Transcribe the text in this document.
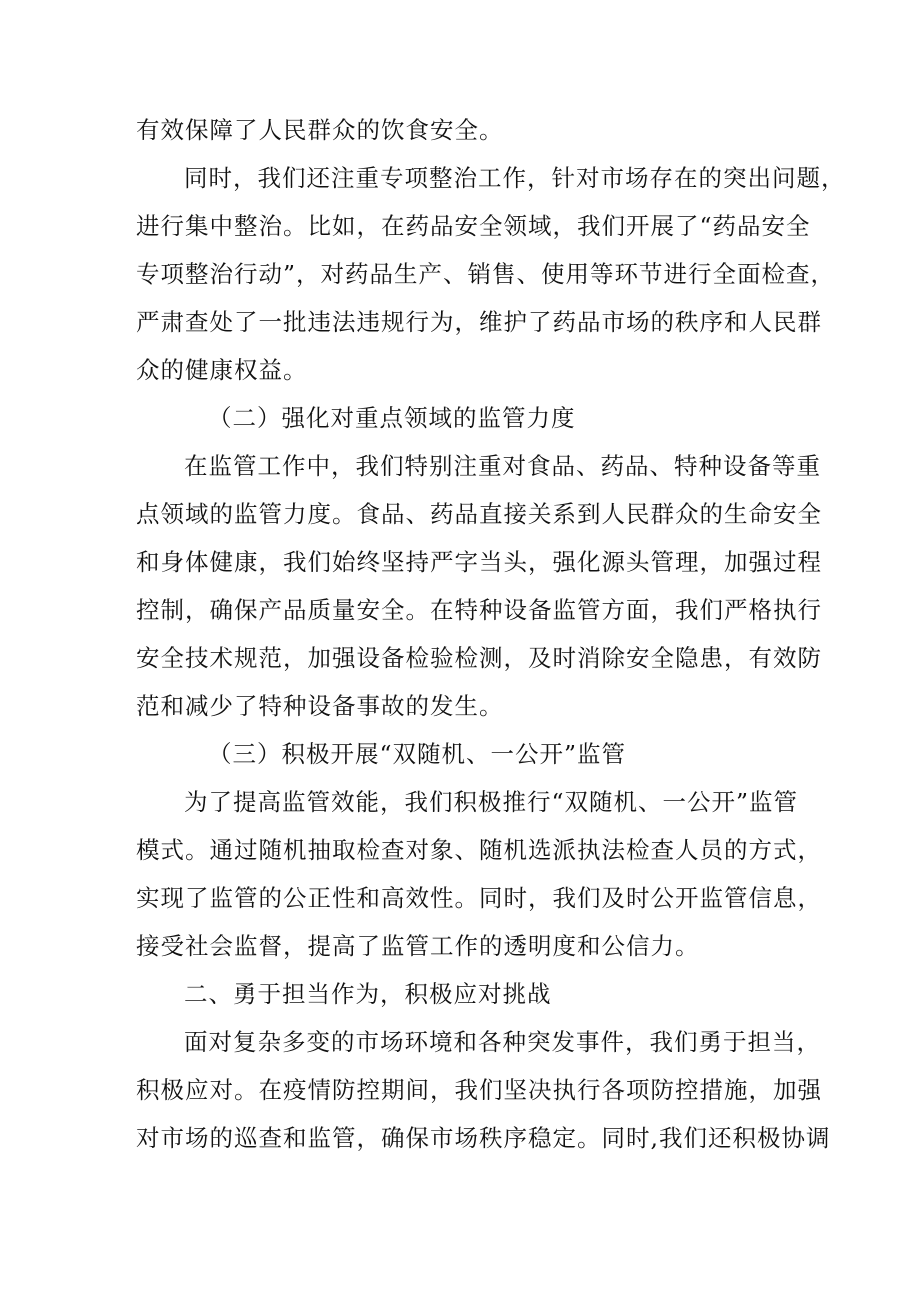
有效保障了人民群众的饮食安全。
同时，我们还注重专项整治工作，针对市场存在的突出问题，
进行集中整治。比如，在药品安全领域，我们开展了“药品安全
专项整治行动”，对药品生产、销售、使用等环节进行全面检查，
严肃查处了一批违法违规行为，维护了药品市场的秩序和人民群
众的健康权益。
（二）强化对重点领域的监管力度
在监管工作中，我们特别注重对食品、药品、特种设备等重
点领域的监管力度。食品、药品直接关系到人民群众的生命安全
和身体健康，我们始终坚持严字当头，强化源头管理，加强过程
控制，确保产品质量安全。在特种设备监管方面，我们严格执行
安全技术规范，加强设备检验检测，及时消除安全隐患，有效防
范和减少了特种设备事故的发生。
（三）积极开展“双随机、一公开”监管
为了提高监管效能，我们积极推行“双随机、一公开”监管
模式。通过随机抽取检查对象、随机选派执法检查人员的方式，
实现了监管的公正性和高效性。同时，我们及时公开监管信息，
接受社会监督，提高了监管工作的透明度和公信力。
二、勇于担当作为，积极应对挑战
面对复杂多变的市场环境和各种突发事件，我们勇于担当，
积极应对。在疫情防控期间，我们坚决执行各项防控措施，加强
对市场的巡查和监管，确保市场秩序稳定。同时,我们还积极协调
